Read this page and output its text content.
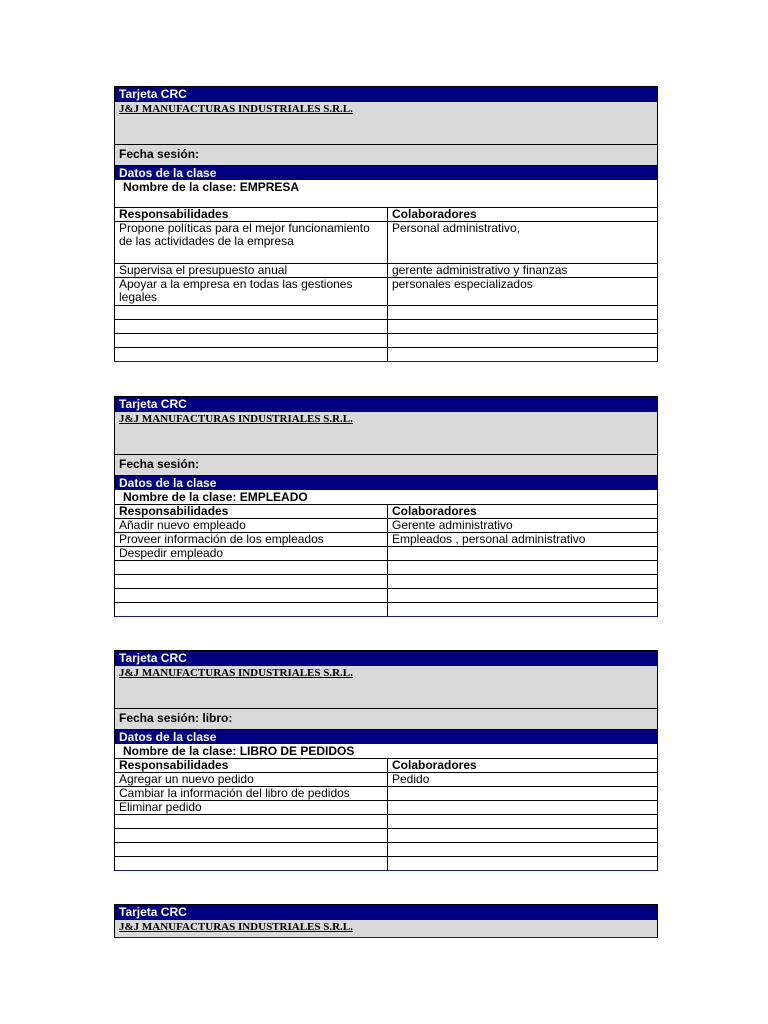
Tarjeta CRC
J&J MANUFACTURAS INDUSTRIALES S.R.L.
Fecha sesión:
Datos de la clase
Nombre de la clase: EMPRESA
Responsabilidades	Colaboradores
Propone políticas para el mejor funcionamiento de las actividades de la empresa	Personal administrativo,
Supervisa el presupuesto anual	gerente administrativo y finanzas
Apoyar a la empresa en todas las gestiones legales	personales especializados

Tarjeta CRC
J&J MANUFACTURAS INDUSTRIALES S.R.L.
Fecha sesión:
Datos de la clase
Nombre de la clase: EMPLEADO
Responsabilidades	Colaboradores
Añadir nuevo empleado	Gerente administrativo
Proveer información de los empleados	Empleados , personal administrativo
Despedir empleado	

Tarjeta CRC
J&J MANUFACTURAS INDUSTRIALES S.R.L.
Fecha sesión: libro:
Datos de la clase
Nombre de la clase: LIBRO DE PEDIDOS
Responsabilidades	Colaboradores
Agregar un nuevo pedido	Pedido
Cambiar la información del libro de pedidos	
Eliminar pedido	

Tarjeta CRC
J&J MANUFACTURAS INDUSTRIALES S.R.L.
